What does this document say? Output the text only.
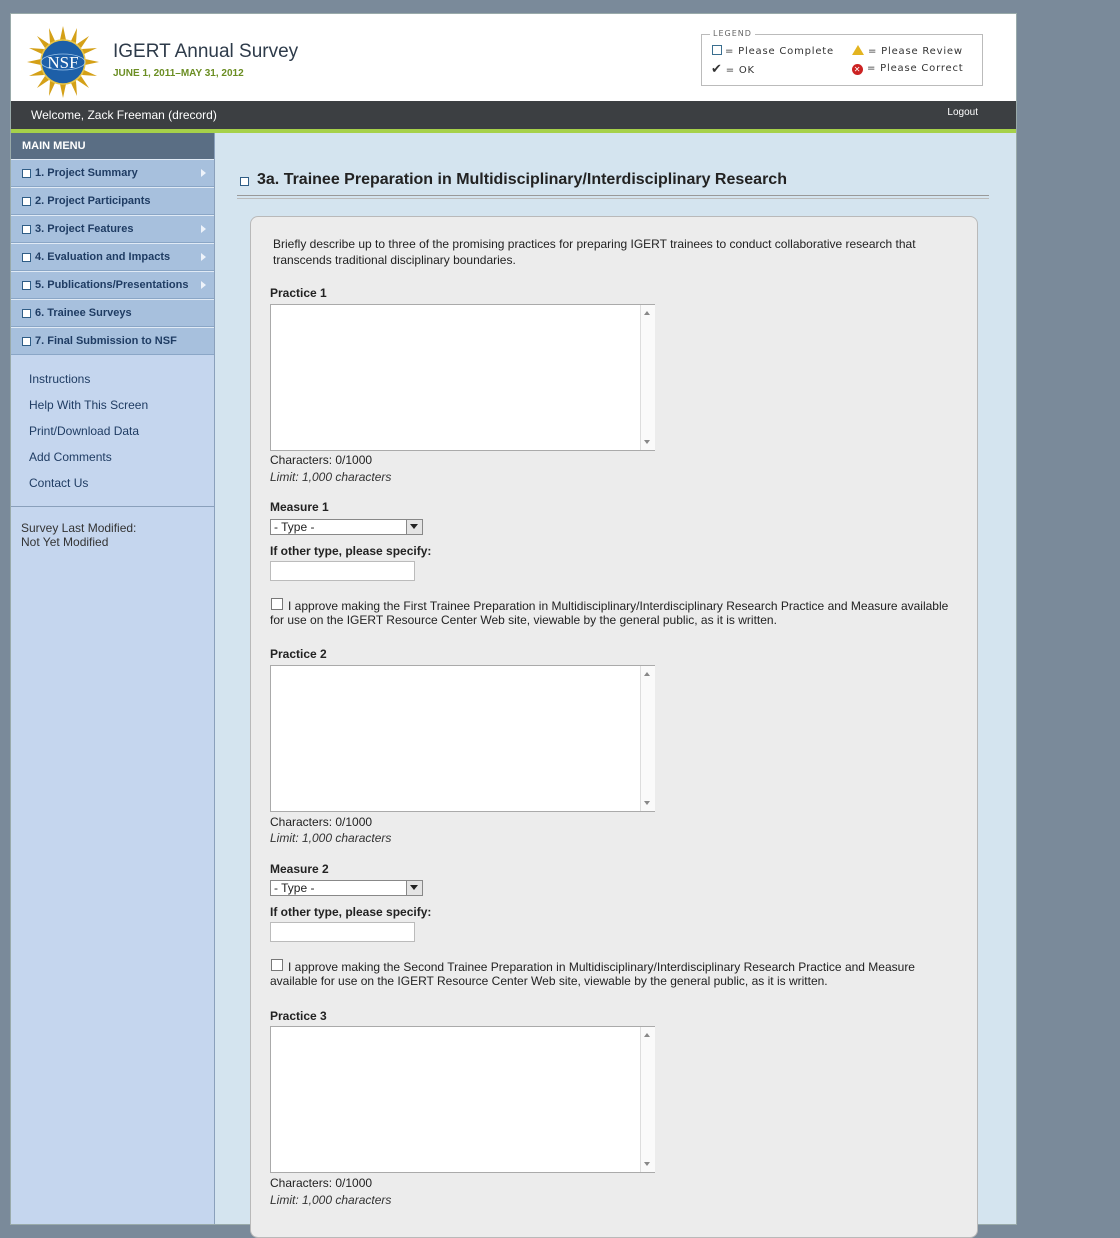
NSF
IGERT Annual Survey
JUNE 1, 2011–MAY 31, 2012
LEGEND
= Please Complete	= Please Review
✔ = OK	✕ = Please Correct
Welcome, Zack Freeman (drecord)	Logout
MAIN MENU
1. Project Summary
2. Project Participants
3. Project Features
4. Evaluation and Impacts
5. Publications/Presentations
6. Trainee Surveys
7. Final Submission to NSF
Instructions
Help With This Screen
Print/Download Data
Add Comments
Contact Us
Survey Last Modified:
Not Yet Modified
3a. Trainee Preparation in Multidisciplinary/Interdisciplinary Research
Briefly describe up to three of the promising practices for preparing IGERT trainees to conduct collaborative research that transcends traditional disciplinary boundaries.
Practice 1
Characters: 0/1000
Limit: 1,000 characters
Measure 1
- Type -
If other type, please specify:
I approve making the First Trainee Preparation in Multidisciplinary/Interdisciplinary Research Practice and Measure available for use on the IGERT Resource Center Web site, viewable by the general public, as it is written.
Practice 2
Characters: 0/1000
Limit: 1,000 characters
Measure 2
- Type -
If other type, please specify:
I approve making the Second Trainee Preparation in Multidisciplinary/Interdisciplinary Research Practice and Measure available for use on the IGERT Resource Center Web site, viewable by the general public, as it is written.
Practice 3
Characters: 0/1000
Limit: 1,000 characters
